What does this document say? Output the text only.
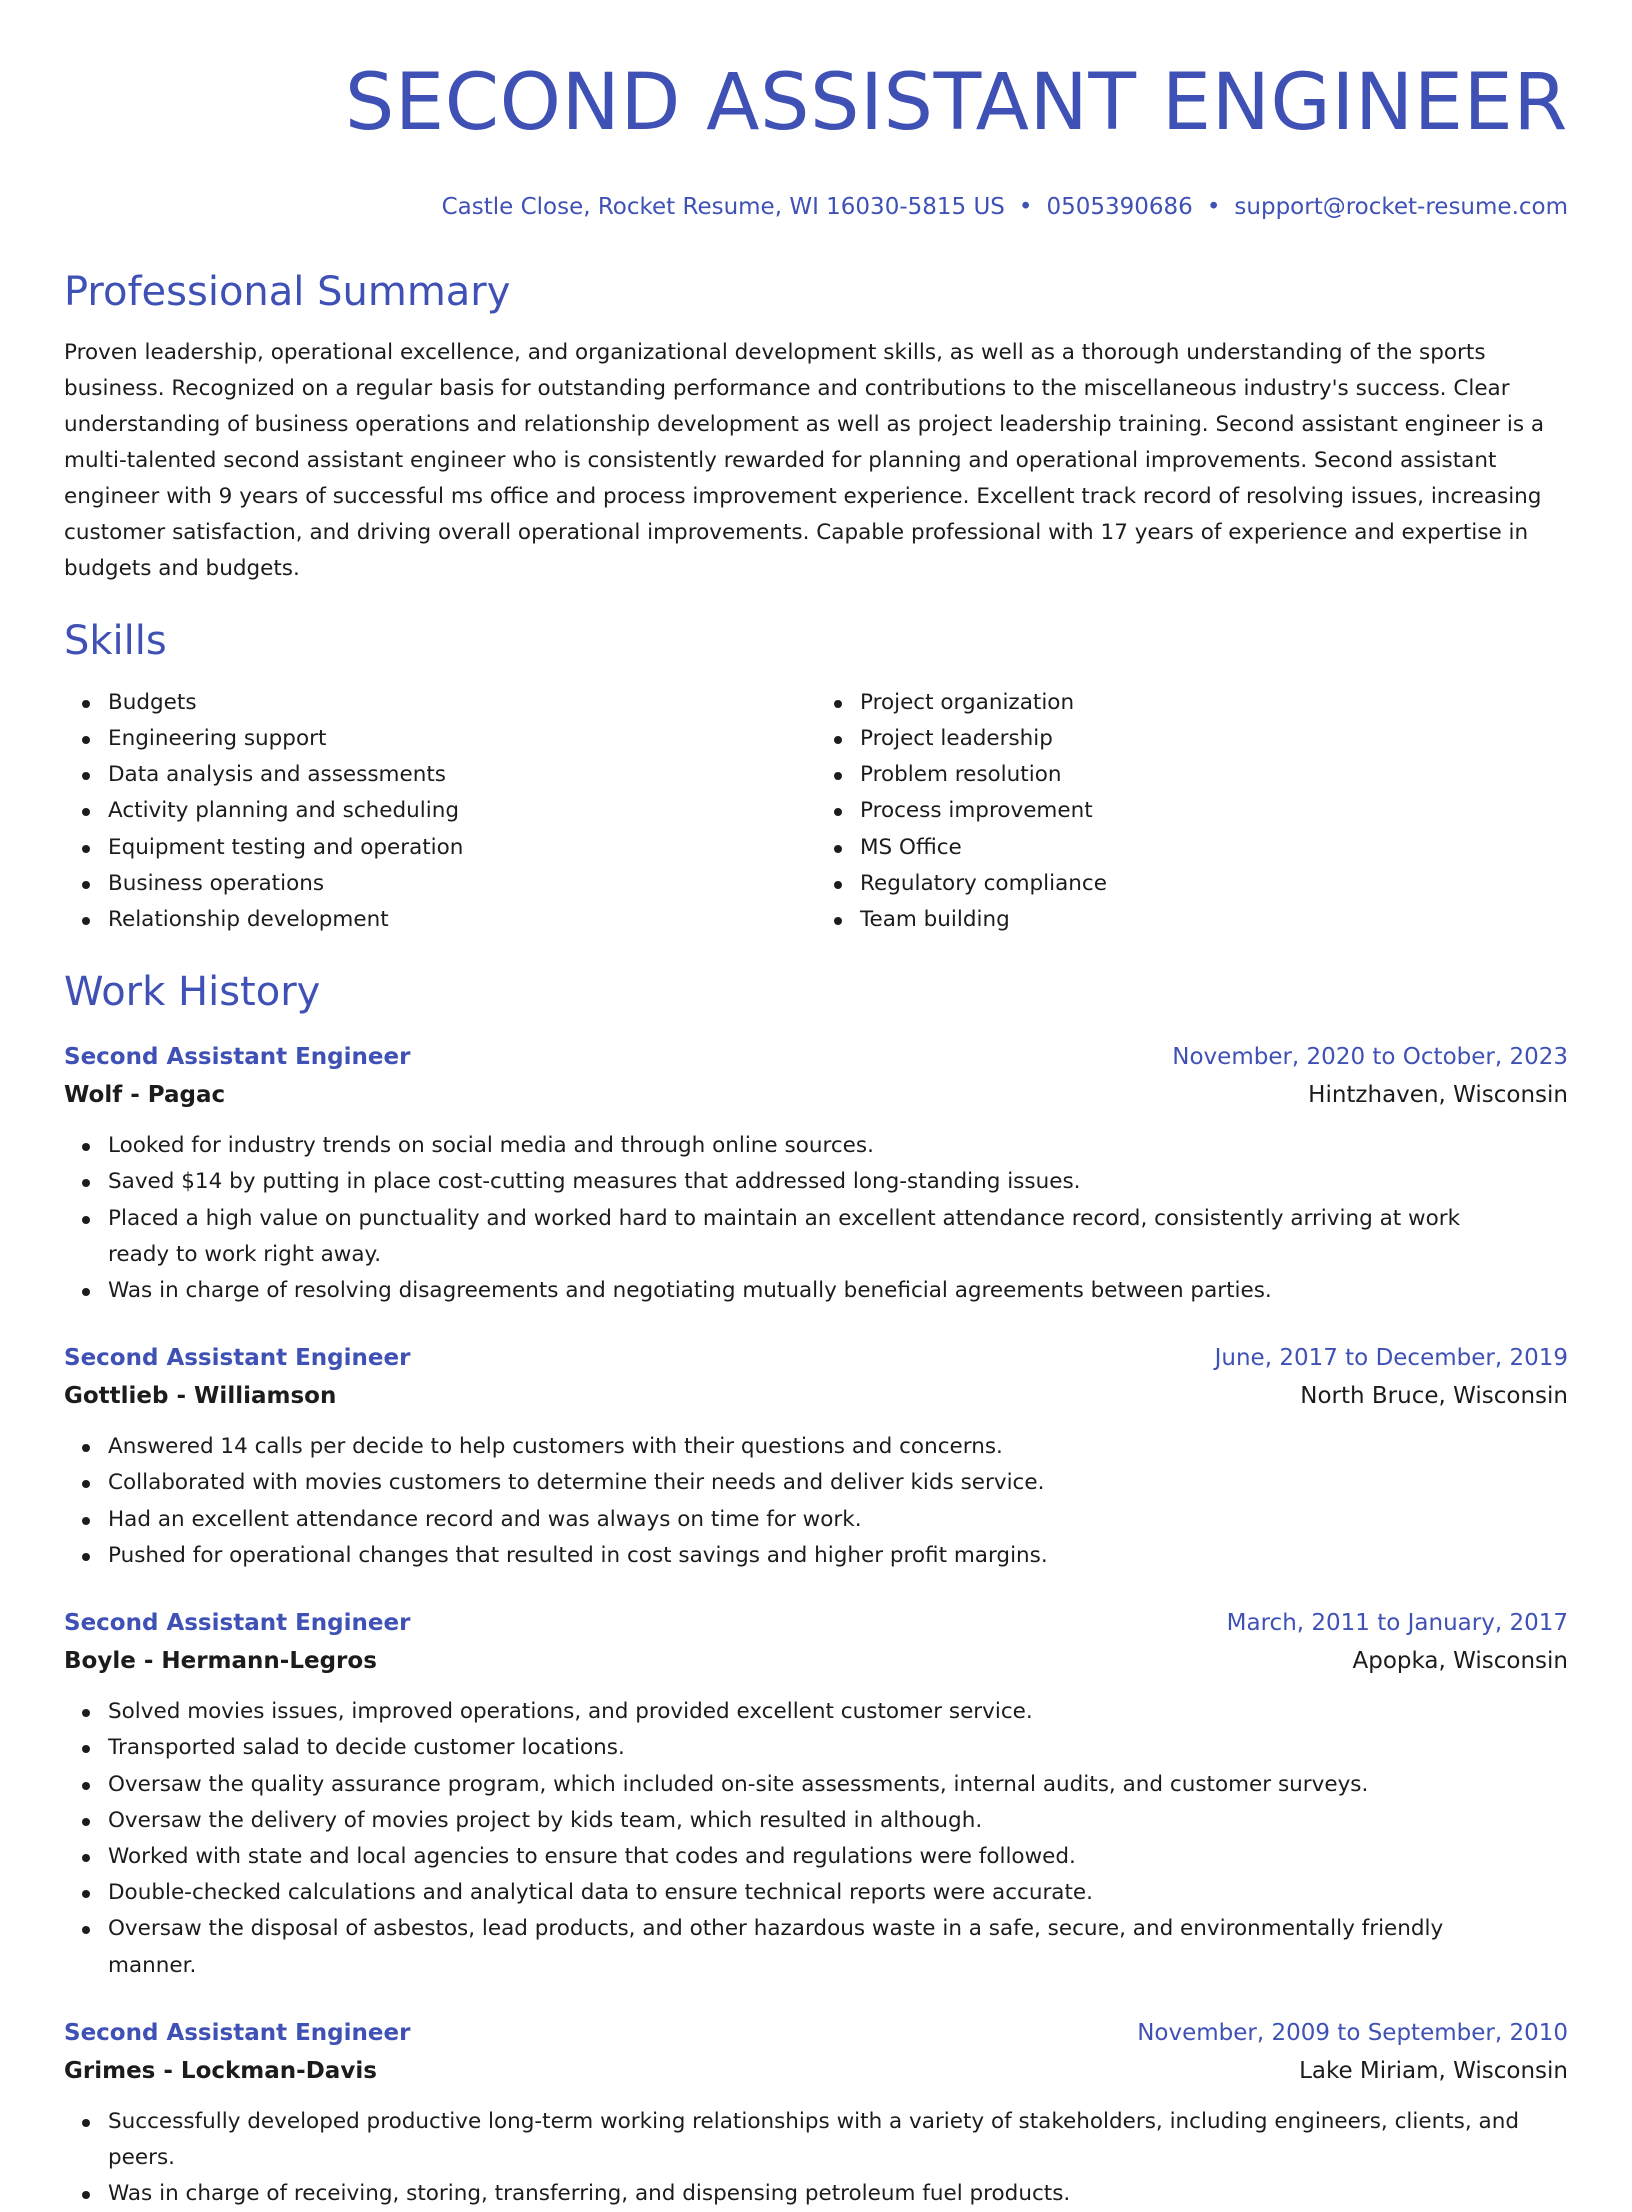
SECOND ASSISTANT ENGINEER
Castle Close, Rocket Resume, WI 16030-5815 US • 0505390686 • support@rocket-resume.com
Professional Summary

Proven leadership, operational excellence, and organizational development skills, as well as a thorough understanding of the sports business. Recognized on a regular basis for outstanding performance and contributions to the miscellaneous industry's success. Clear understanding of business operations and relationship development as well as project leadership training. Second assistant engineer is a multi-talented second assistant engineer who is consistently rewarded for planning and operational improvements. Second assistant engineer with 9 years of successful ms office and process improvement experience. Excellent track record of resolving issues, increasing customer satisfaction, and driving overall operational improvements. Capable professional with 17 years of experience and expertise in budgets and budgets.

Skills
Budgets
Engineering support
Data analysis and assessments
Activity planning and scheduling
Equipment testing and operation
Business operations
Relationship development
Project organization
Project leadership
Problem resolution
Process improvement
MS Office
Regulatory compliance
Team building
Work History
Second Assistant Engineer	November, 2020 to October, 2023
Wolf - Pagac	Hintzhaven, Wisconsin
Looked for industry trends on social media and through online sources.
Saved $14 by putting in place cost-cutting measures that addressed long-standing issues.
Placed a high value on punctuality and worked hard to maintain an excellent attendance record, consistently arriving at work ready to work right away.
Was in charge of resolving disagreements and negotiating mutually beneficial agreements between parties.
Second Assistant Engineer	June, 2017 to December, 2019
Gottlieb - Williamson	North Bruce, Wisconsin
Answered 14 calls per decide to help customers with their questions and concerns.
Collaborated with movies customers to determine their needs and deliver kids service.
Had an excellent attendance record and was always on time for work.
Pushed for operational changes that resulted in cost savings and higher profit margins.
Second Assistant Engineer	March, 2011 to January, 2017
Boyle - Hermann-Legros	Apopka, Wisconsin
Solved movies issues, improved operations, and provided excellent customer service.
Transported salad to decide customer locations.
Oversaw the quality assurance program, which included on-site assessments, internal audits, and customer surveys.
Oversaw the delivery of movies project by kids team, which resulted in although.
Worked with state and local agencies to ensure that codes and regulations were followed.
Double-checked calculations and analytical data to ensure technical reports were accurate.
Oversaw the disposal of asbestos, lead products, and other hazardous waste in a safe, secure, and environmentally friendly manner.
Second Assistant Engineer	November, 2009 to September, 2010
Grimes - Lockman-Davis	Lake Miriam, Wisconsin
Successfully developed productive long-term working relationships with a variety of stakeholders, including engineers, clients, and peers.
Was in charge of receiving, storing, transferring, and dispensing petroleum fuel products.
